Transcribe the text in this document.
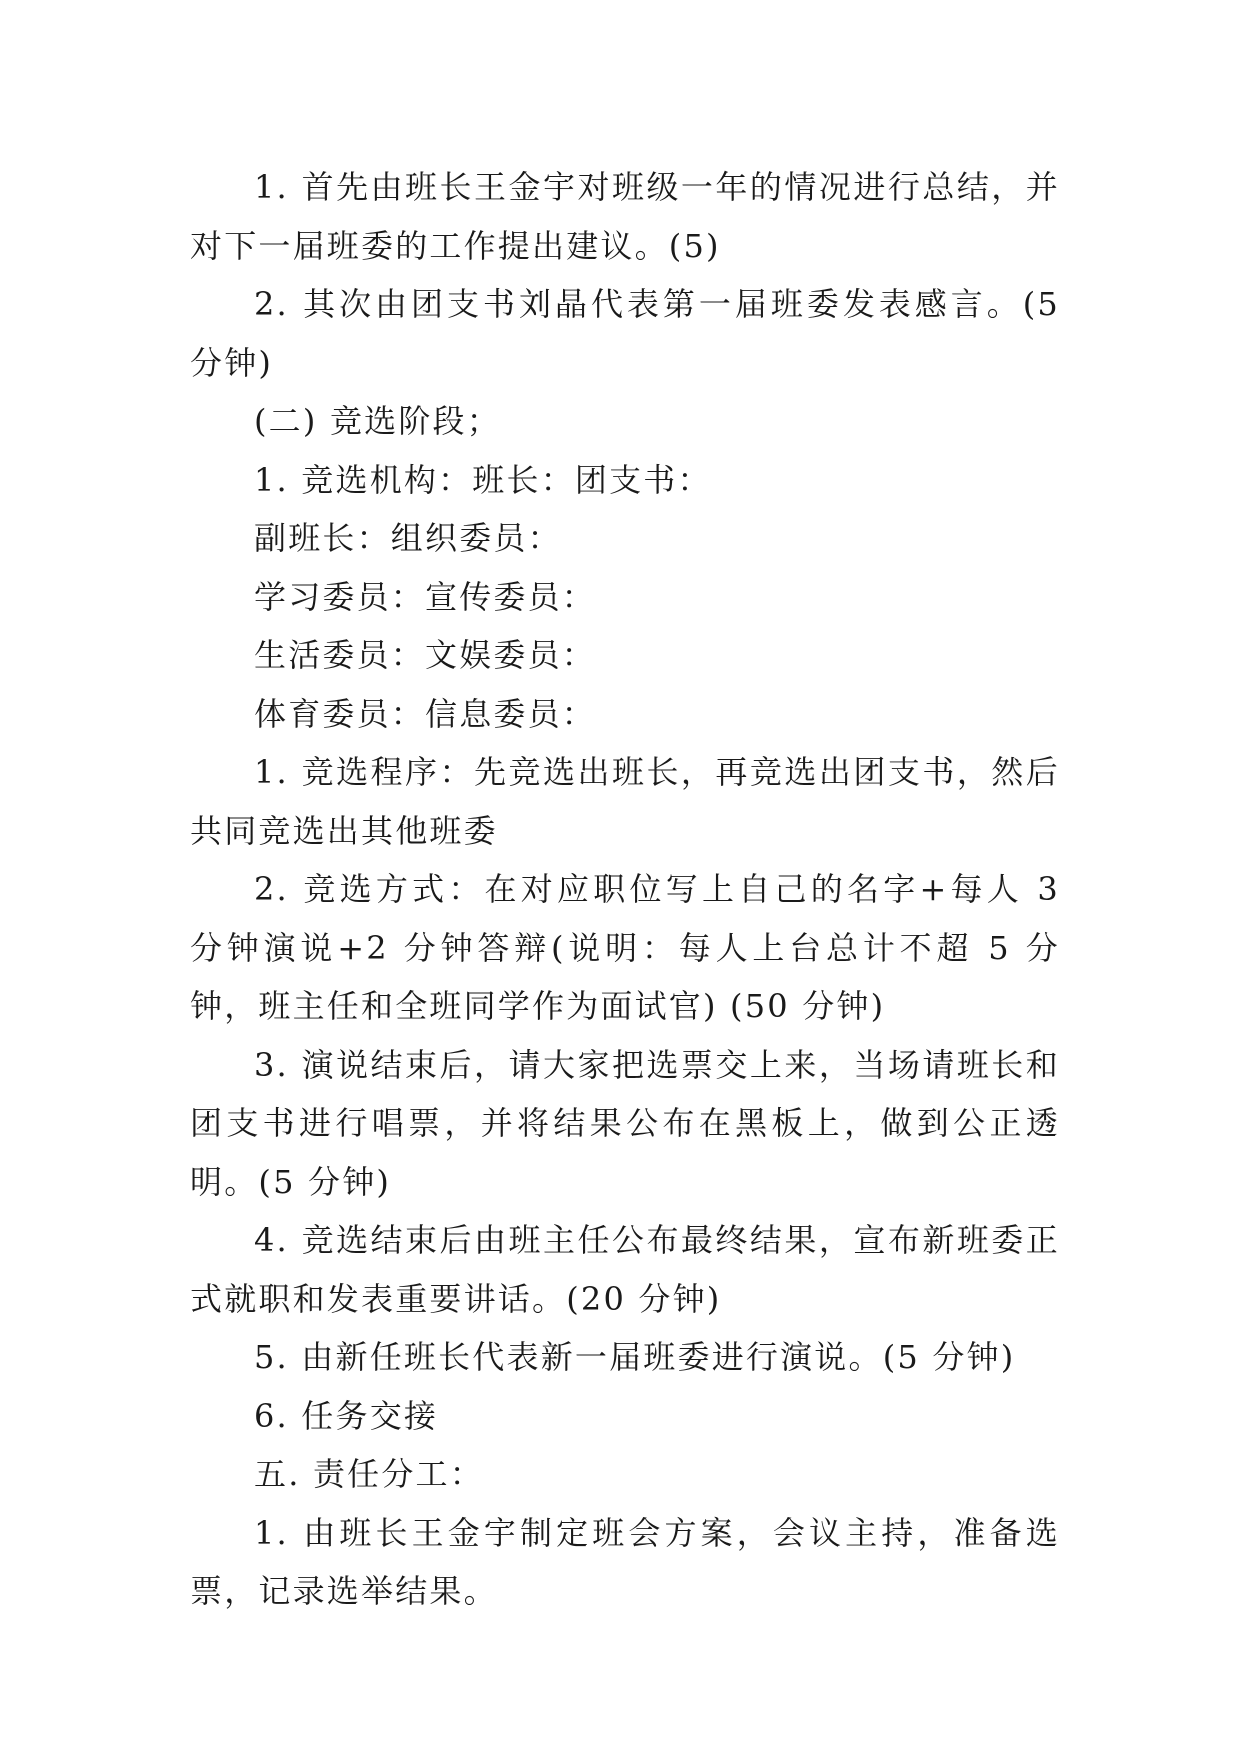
1. 首先由班长王金宇对班级一年的情况进行总结，并对下一届班委的工作提出建议。(5)

2. 其次由团支书刘晶代表第一届班委发表感言。(5 分钟)

(二) 竞选阶段；

1. 竞选机构：班长：团支书：

副班长：组织委员：

学习委员：宣传委员：

生活委员：文娱委员：

体育委员：信息委员：

1. 竞选程序：先竞选出班长，再竞选出团支书，然后共同竞选出其他班委

2. 竞选方式：在对应职位写上自己的名字+每人 3 分钟演说+2 分钟答辩(说明：每人上台总计不超 5 分钟，班主任和全班同学作为面试官) (50 分钟)

3. 演说结束后，请大家把选票交上来，当场请班长和团支书进行唱票，并将结果公布在黑板上，做到公正透明。(5 分钟)

4. 竞选结束后由班主任公布最终结果，宣布新班委正式就职和发表重要讲话。(20 分钟)

5. 由新任班长代表新一届班委进行演说。(5 分钟)

6. 任务交接

五. 责任分工：

1. 由班长王金宇制定班会方案，会议主持，准备选票，记录选举结果。
